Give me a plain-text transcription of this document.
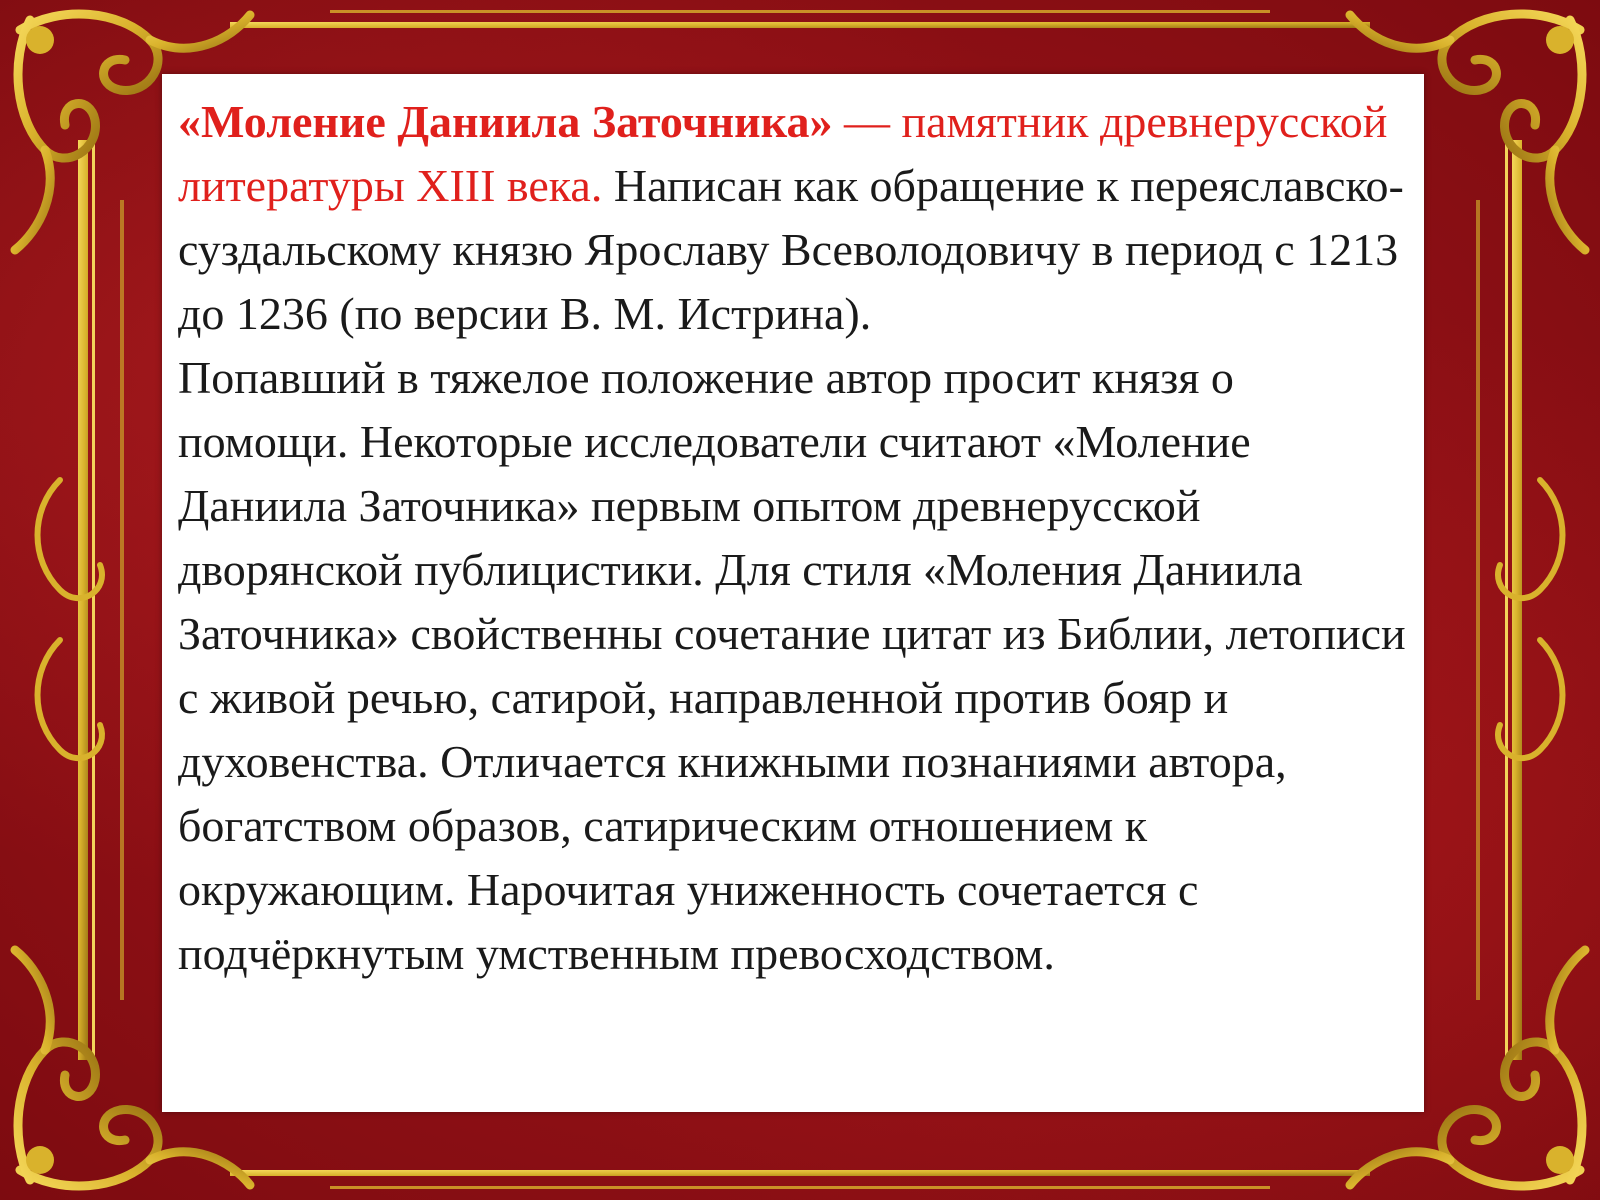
«Моление Даниила Заточника» — памятник древнерусской литературы XIII века. Написан как обращение к переяславско-суздальскому князю Ярославу Всеволодовичу в период с 1213 до 1236 (по версии В. М. Истрина).
Попавший в тяжелое положение автор просит князя о помощи. Некоторые исследователи считают «Моление Даниила Заточника» первым опытом древнерусской дворянской публицистики. Для стиля «Моления Даниила Заточника» свойственны сочетание цитат из Библии, летописи с живой речью, сатирой, направленной против бояр и духовенства. Отличается книжными познаниями автора, богатством образов, сатирическим отношением к окружающим. Нарочитая униженность сочетается с подчёркнутым умственным превосходством.
